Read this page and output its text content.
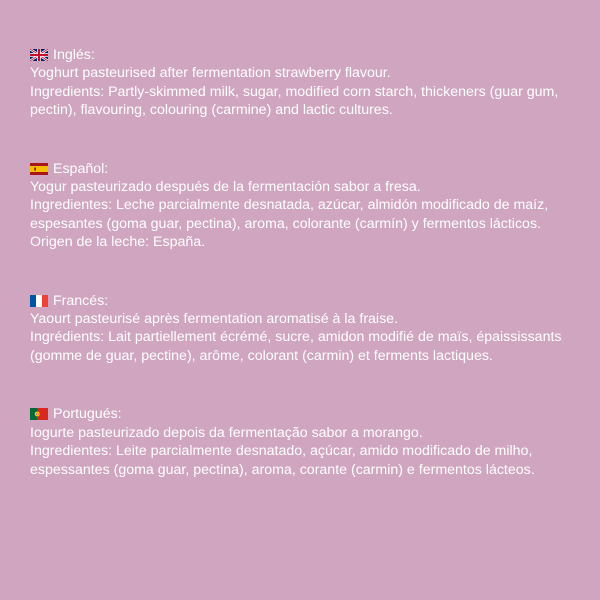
Inglés:

Yoghurt pasteurised after fermentation strawberry flavour.

Ingredients: Partly-skimmed milk, sugar, modified corn starch, thickeners (guar gum, pectin), flavouring, colouring (carmine) and lactic cultures.

Español:

Yogur pasteurizado después de la fermentación sabor a fresa.

Ingredientes: Leche parcialmente desnatada, azúcar, almidón modificado de maíz, espesantes (goma guar, pectina), aroma, colorante (carmín) y fermentos lácticos.

Origen de la leche: España.

Francés:

Yaourt pasteurisé après fermentation aromatisé à la fraise.

Ingrédients: Lait partiellement écrémé, sucre, amidon modifié de maïs, épaississants (gomme de guar, pectine), arôme, colorant (carmin) et ferments lactiques.

Portugués:

Iogurte pasteurizado depois da fermentação sabor a morango.

Ingredientes: Leite parcialmente desnatado, açúcar, amido modificado de milho, espessantes (goma guar, pectina), aroma, corante (carmin) e fermentos lácteos.
